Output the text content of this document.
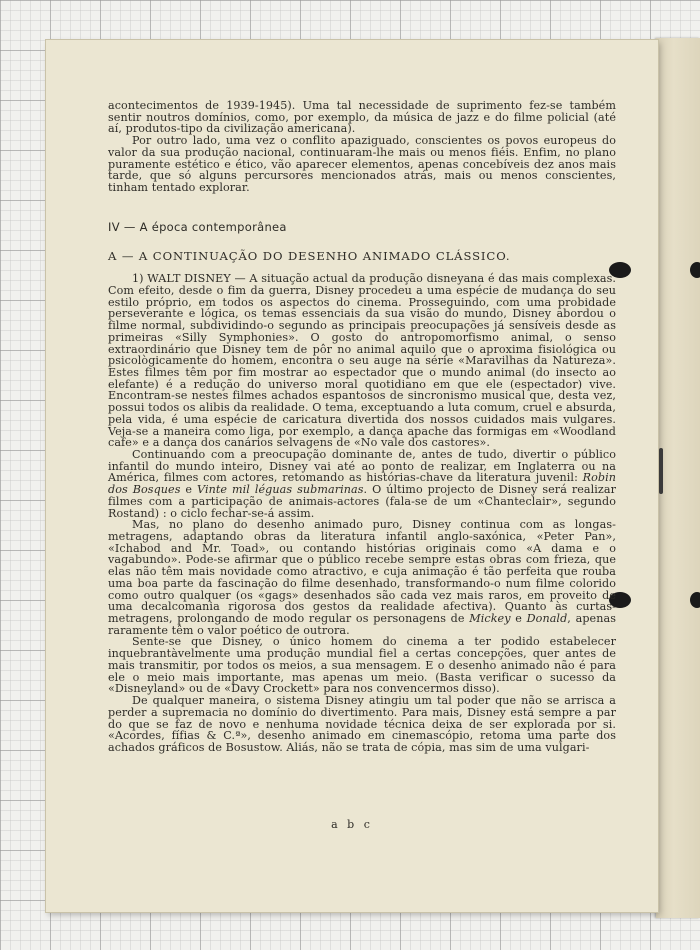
acontecimentos de 1939-1945). Uma tal necessidade de suprimento fez-se também sentir noutros domínios, como, por exemplo, da música de jazz e do filme policial (até aí, produtos-tipo da civilização americana).

Por outro lado, uma vez o conflito apaziguado, conscientes os povos europeus do valor da sua produção nacional, continuaram-lhe mais ou menos fiéis. Enfim, no plano puramente estético e ético, vão aparecer elementos, apenas concebíveis dez anos mais tarde, que só alguns percursores mencionados atrás, mais ou menos conscientes, tinham tentado explorar.

IV — A época contemporânea

A — A CONTINUAÇÃO DO DESENHO ANIMADO CLÁSSICO.

1) WALT DISNEY — A situação actual da produção disneyana é das mais complexas. Com efeito, desde o fim da guerra, Disney procedeu a uma espécie de mudança do seu estilo próprio, em todos os aspectos do cinema. Prosseguindo, com uma probidade perseverante e lógica, os temas essenciais da sua visão do mundo, Disney abordou o filme normal, subdividindo-o segundo as principais preocupações já sensíveis desde as primeiras «Silly Symphonies». O gosto do antropomorfismo animal, o senso extraordinário que Disney tem de pôr no animal aquilo que o aproxima fisiológica ou psicològicamente do homem, encontra o seu auge na série «Maravilhas da Natureza». Estes filmes têm por fim mostrar ao espectador que o mundo animal (do insecto ao elefante) é a redução do universo moral quotidiano em que ele (espectador) vive. Encontram-se nestes filmes achados espantosos de sincronismo musical que, desta vez, possui todos os alibis da realidade. O tema, exceptuando a luta comum, cruel e absurda, pela vida, é uma espécie de caricatura divertida dos nossos cuidados mais vulgares. Veja-se a maneira como liga, por exemplo, a dança apache das formigas em «Woodland cafe» e a dança dos canários selvagens de «No vale dos castores».

Continuando com a preocupação dominante de, antes de tudo, divertir o público infantil do mundo inteiro, Disney vai até ao ponto de realizar, em Inglaterra ou na América, filmes com actores, retomando as histórias-chave da literatura juvenil: Robin dos Bosques e Vinte mil léguas submarinas. O último projecto de Disney será realizar filmes com a participação de animais-actores (fala-se de um «Chanteclair», segundo Rostand) : o ciclo fechar-se-á assim.

Mas, no plano do desenho animado puro, Disney continua com as longas-metragens, adaptando obras da literatura infantil anglo-saxónica, «Peter Pan», «Ichabod and Mr. Toad», ou contando histórias originais como «A dama e o vagabundo». Pode-se afirmar que o público recebe sempre estas obras com frieza, que elas não têm mais novidade como atractivo, e cuja animação é tão perfeita que rouba uma boa parte da fascinação do filme desenhado, transformando-o num filme colorido como outro qualquer (os «gags» desenhados são cada vez mais raros, em proveito de uma decalcomania rigorosa dos gestos da realidade afectiva). Quanto às curtas-metragens, prolongando de modo regular os personagens de Mickey e Donald, apenas raramente têm o valor poético de outrora.

Sente-se que Disney, o único homem do cinema a ter podido estabelecer inquebrantàvelmente uma produção mundial fiel a certas concepções, quer antes de mais transmitir, por todos os meios, a sua mensagem. E o desenho animado não é para ele o meio mais importante, mas apenas um meio. (Basta verificar o sucesso da «Disneyland» ou de «Davy Crockett» para nos convencermos disso).

De qualquer maneira, o sistema Disney atingiu um tal poder que não se arrisca a perder a supremacia no domínio do divertimento. Para mais, Disney está sempre a par do que se faz de novo e nenhuma novidade técnica deixa de ser explorada por si. «Acordes, fífias & C.ª», desenho animado em cinemascópio, retoma uma parte dos achados gráficos de Bosustow. Aliás, não se trata de cópia, mas sim de uma vulgari-

a b c
